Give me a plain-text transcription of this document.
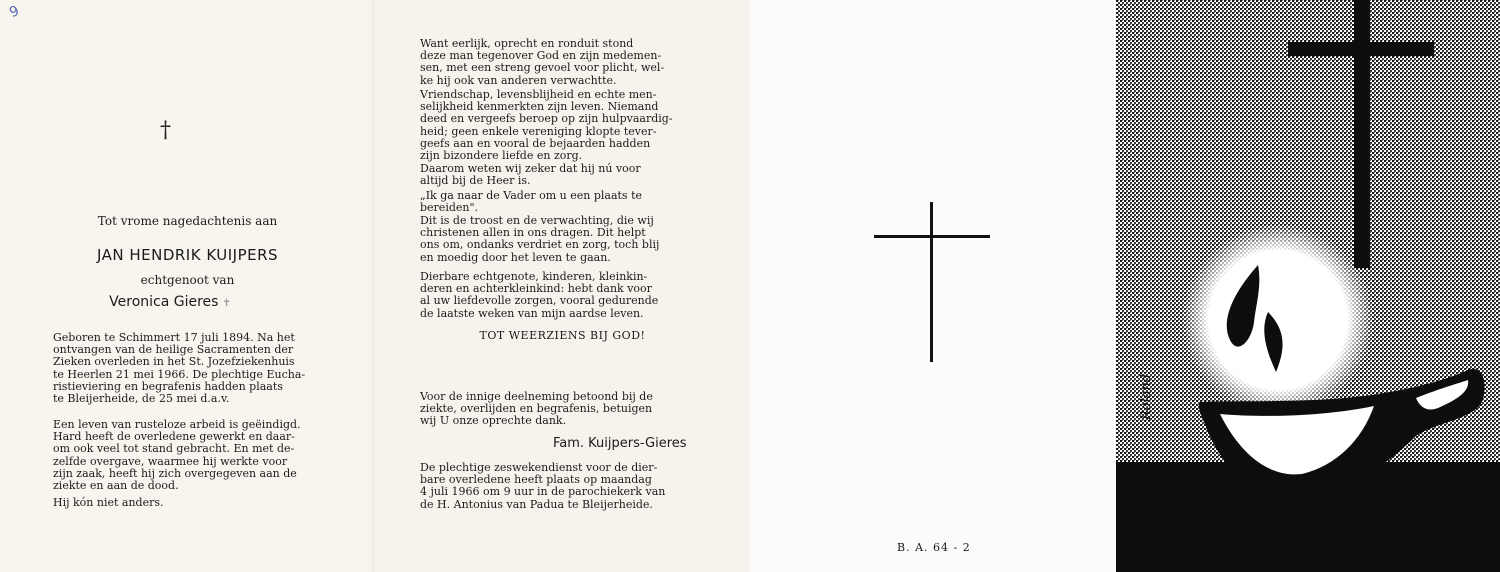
9
†
Tot vrome nagedachtenis aan
JAN HENDRIK KUIJPERS
echtgenoot van
Veronica Gieres ✝
Geboren te Schimmert 17 juli 1894. Na het
ontvangen van de heilige Sacramenten der
Zieken overleden in het St. Jozefziekenhuis
te Heerlen 21 mei 1966. De plechtige Eucha-
ristieviering en begrafenis hadden plaats
te Bleijerheide, de 25 mei d.a.v.
Een leven van rusteloze arbeid is geëindigd.
Hard heeft de overledene gewerkt en daar-
om ook veel tot stand gebracht. En met de-
zelfde overgave, waarmee hij werkte voor
zijn zaak, heeft hij zich overgegeven aan de
ziekte en aan de dood.
Hij kón niet anders.
Want eerlijk, oprecht en ronduit stond
deze man tegenover God en zijn medemen-
sen, met een streng gevoel voor plicht, wel-
ke hij ook van anderen verwachtte.
Vriendschap, levensblijheid en echte men-
selijkheid kenmerkten zijn leven. Niemand
deed en vergeefs beroep op zijn hulpvaardig-
heid; geen enkele vereniging klopte tever-
geefs aan en vooral de bejaarden hadden
zijn bizondere liefde en zorg.
Daarom weten wij zeker dat hij nú voor
altijd bij de Heer is.
„Ik ga naar de Vader om u een plaats te
bereiden".
Dit is de troost en de verwachting, die wij
christenen allen in ons dragen. Dit helpt
ons om, ondanks verdriet en zorg, toch blij
en moedig door het leven te gaan.
Dierbare echtgenote, kinderen, kleinkin-
deren en achterkleinkind: hebt dank voor
al uw liefdevolle zorgen, vooral gedurende
de laatste weken van mijn aardse leven.
Voor de innige deelneming betoond bij de
ziekte, overlijden en begrafenis, betuigen
wij U onze oprechte dank.
De plechtige zeswekendienst voor de dier-
bare overledene heeft plaats op maandag
4 juli 1966 om 9 uur in de parochiekerk van
de H. Antonius van Padua te Bleijerheide.
TOT WEERZIENS BIJ GOD!
Fam. Kuijpers-Gieres
B. A. 64 - 2
Roland
